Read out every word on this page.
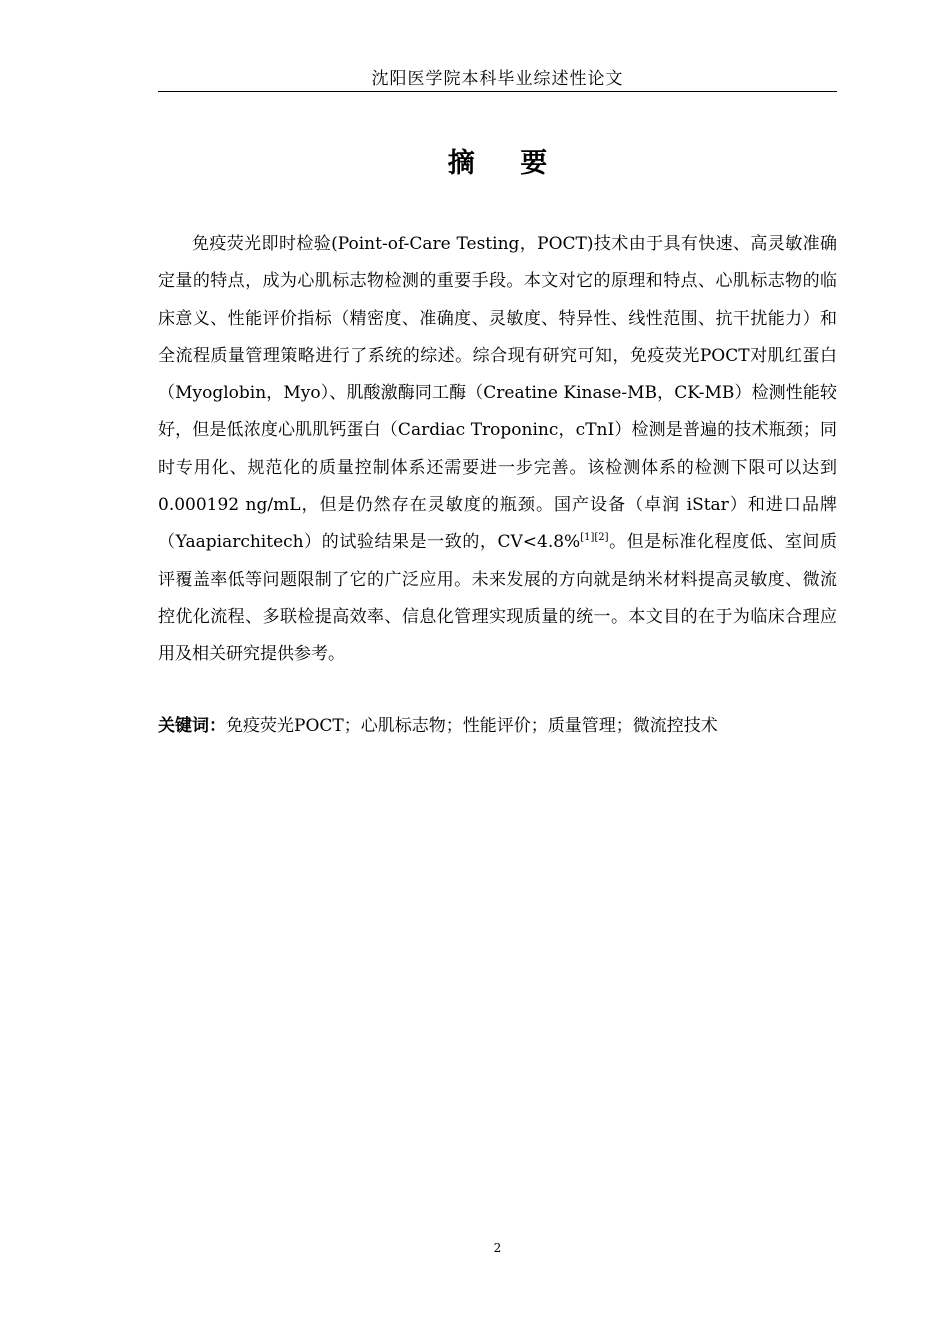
沈阳医学院本科毕业综述性论文
摘 要

免疫荧光即时检验(Point-of-Care Testing，POCT)技术由于具有快速、高灵敏准确定量的特点，成为心肌标志物检测的重要手段。本文对它的原理和特点、心肌标志物的临床意义、性能评价指标（精密度、准确度、灵敏度、特异性、线性范围、抗干扰能力）和全流程质量管理策略进行了系统的综述。综合现有研究可知，免疫荧光POCT对肌红蛋白（Myoglobin，Myo）、肌酸激酶同工酶（Creatine Kinase-MB，CK-MB）检测性能较好，但是低浓度心肌肌钙蛋白（Cardiac Troponinc，cTnI）检测是普遍的技术瓶颈；同时专用化、规范化的质量控制体系还需要进一步完善。该检测体系的检测下限可以达到0.000192 ng/mL，但是仍然存在灵敏度的瓶颈。国产设备（卓润 iStar）和进口品牌（Yaapiarchitech）的试验结果是一致的，CV<4.8%[1][2]。但是标准化程度低、室间质评覆盖率低等问题限制了它的广泛应用。未来发展的方向就是纳米材料提高灵敏度、微流控优化流程、多联检提高效率、信息化管理实现质量的统一。本文目的在于为临床合理应用及相关研究提供参考。

关键词：免疫荧光POCT；心肌标志物；性能评价；质量管理；微流控技术

2
